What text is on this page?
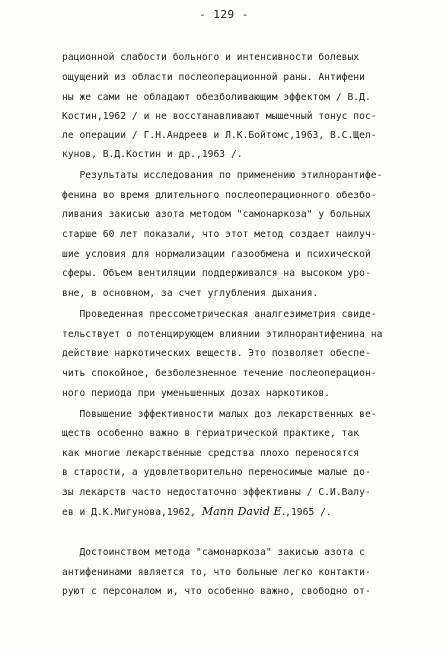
- 129 -
рационной слабости больного и интенсивности болевых
ощущений из области послеоперационной раны. Антифени
ны же сами не обладают обезболивающим эффектом / В.Д.
Костин,1962 / и не восстанавливают мышечный тонус пос-
ле операции / Г.Н.Андреев и Л.К.Бойтомс,1963, В.С.Щел-
кунов, В.Д.Костин и др.,1963 /.
Результаты исследования по применению этилнорантифе-
фенина во время длительного послеоперационного обезбо-
ливания закисью азота методом "самонаркоза" у больных
старше 60 лет показали, что этот метод создает наилуч-
шие условия для нормализации газообмена и психической
сферы. Объем вентиляции поддерживался на высоком уро-
вне, в основном, за счет углубления дыхания.
Проведенная прессометрическая аналгезиметрия свиде-
тельствует о потенцирующем влиянии этилнорантифенина на
действие наркотических веществ. Это позволяет обеспе-
чить спокойное, безболезненное течение послеоперацион-
ного периода при уменьшенных дозах наркотиков.
Повышение эффективности малых доз лекарственных ве-
ществ особенно важно в гериатрической практике, так
как многие лекарственные средства плохо переносятся
в старости, а удовлетворительно переносимые малые до-
зы лекарств часто недостаточно эффективны / С.И.Валу-
ев и Д.К.Мигунова,1962, Mann David E.,1965 /.
Достоинством метода "самонаркоза" закисью азота с
антифенинами является то, что больные легко контакти-
руют с персоналом и, что особенно важно, свободно от-
